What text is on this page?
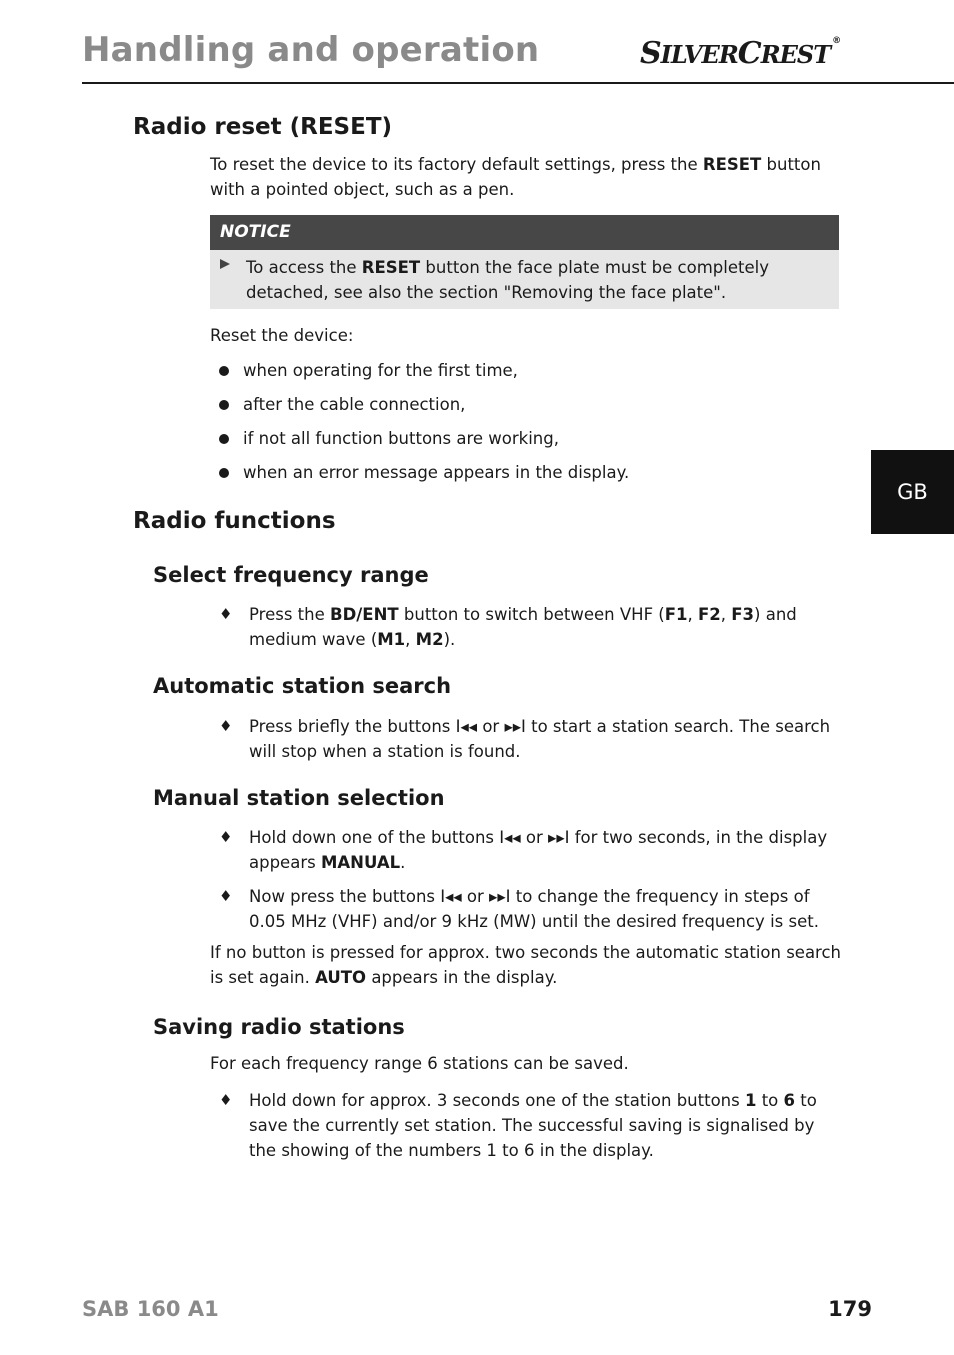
Handling and operation	SILVERCREST ®
Radio reset (RESET)
To reset the device to its factory default settings, press the RESET button with a pointed object, such as a pen.
NOTICE
To access the RESET button the face plate must be completely detached, see also the section "Removing the face plate".
Reset the device:
when operating for the first time,
after the cable connection,
if not all function buttons are working,
when an error message appears in the display.
GB
Radio functions
Select frequency range
♦ Press the BD/ENT button to switch between VHF (F1, F2, F3) and medium wave (M1, M2).
Automatic station search
♦ Press briefly the buttons I◂◂ or ▸▸I to start a station search. The search will stop when a station is found.
Manual station selection
♦ Hold down one of the buttons I◂◂ or ▸▸I for two seconds, in the display appears MANUAL.
♦ Now press the buttons I◂◂ or ▸▸I to change the frequency in steps of 0.05 MHz (VHF) and/or 9 kHz (MW) until the desired frequency is set.
If no button is pressed for approx. two seconds the automatic station search is set again. AUTO appears in the display.
Saving radio stations
For each frequency range 6 stations can be saved.
♦ Hold down for approx. 3 seconds one of the station buttons 1 to 6 to save the currently set station. The successful saving is signalised by the showing of the numbers 1 to 6 in the display.
SAB 160 A1	179
